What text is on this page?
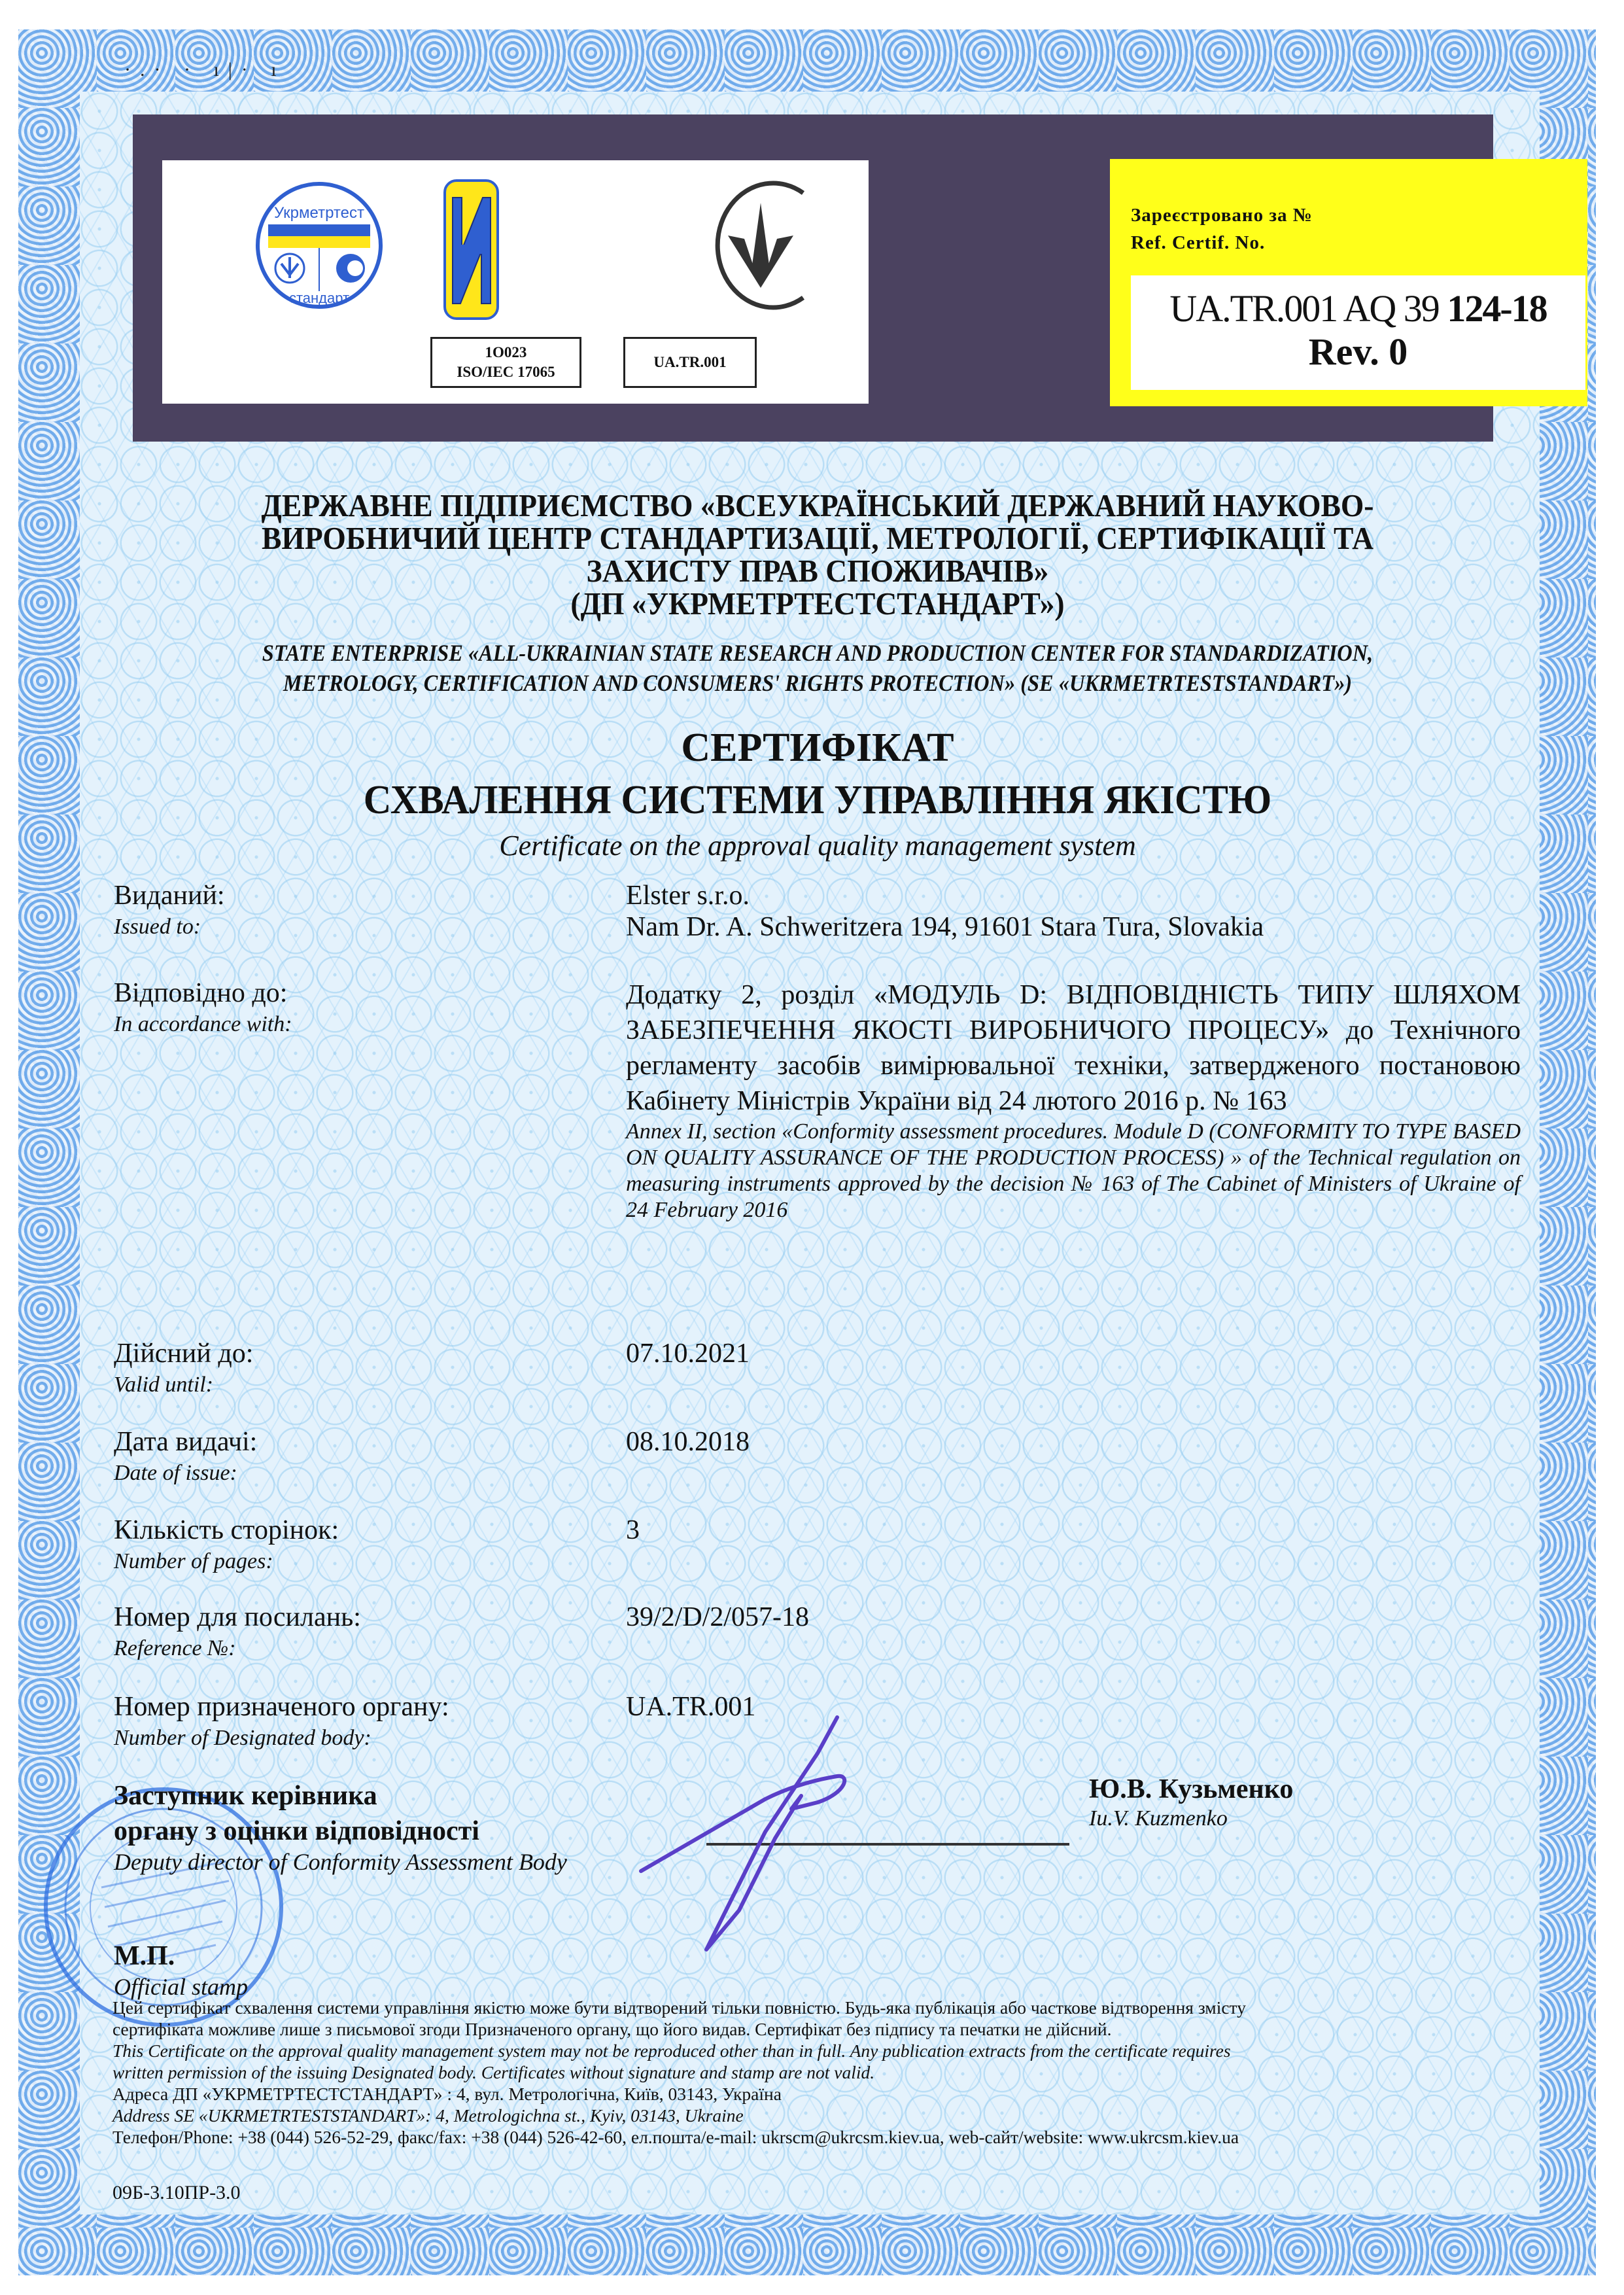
·.· · ı|· ı
Укрметртест
стандарт
1O023
ISO/IEC 17065
UA.TR.001
Зареєстровано за №
Ref. Certif. No.
UA.TR.001 AQ 39 124-18
Rev. 0
ДЕРЖАВНЕ ПІДПРИЄМСТВО «ВСЕУКРАЇНСЬКИЙ ДЕРЖАВНИЙ НАУКОВО-
ВИРОБНИЧИЙ ЦЕНТР СТАНДАРТИЗАЦІЇ, МЕТРОЛОГІЇ, СЕРТИФІКАЦІЇ ТА
ЗАХИСТУ ПРАВ СПОЖИВАЧІВ»
(ДП «УКРМЕТРТЕСТСТАНДАРТ»)
STATE ENTERPRISE «ALL-UKRAINIAN STATE RESEARCH AND PRODUCTION CENTER FOR STANDARDIZATION,
METROLOGY, CERTIFICATION AND CONSUMERS' RIGHTS PROTECTION» (SE «UKRMETRTESTSTANDART»)
СЕРТИФІКАТ
СХВАЛЕННЯ СИСТЕМИ УПРАВЛІННЯ ЯКІСТЮ
Certificate on the approval quality management system
Виданий:
Issued to:
Elster s.r.o.
Nam Dr. A. Schweritzera 194, 91601 Stara Tura, Slovakia
Відповідно до:
In accordance with:
Додатку 2, розділ «МОДУЛЬ D: ВІДПОВІДНІСТЬ ТИПУ ШЛЯХОМ ЗАБЕЗПЕЧЕННЯ ЯКОСТІ ВИРОБНИЧОГО ПРОЦЕСУ» до Технічного регламенту засобів вимірювальної техніки, затвердженого постановою Кабінету Міністрів України від 24 лютого 2016 р. № 163
Annex II, section «Conformity assessment procedures. Module D (CONFORMITY TO TYPE BASED ON QUALITY ASSURANCE OF THE PRODUCTION PROCESS) » of the Technical regulation on measuring instruments approved by the decision № 163 of The Cabinet of Ministers of Ukraine of 24 February 2016
Дійсний до:
Valid until:
07.10.2021
Дата видачі:
Date of issue:
08.10.2018
Кількість сторінок:
Number of pages:
3
Номер для посилань:
Reference №:
39/2/D/2/057-18
Номер призначеного органу:
Number of Designated body:
UA.TR.001
Заступник керівника
органу з оцінки відповідності
Deputy director of Conformity Assessment Body
М.П.
Official stamp
Ю.В. Кузьменко
Iu.V. Kuzmenko
Цей сертифікат схвалення системи управління якістю може бути відтворений тільки повністю. Будь-яка публікація або часткове відтворення змісту
сертифіката можливе лише з письмової згоди Призначеного органу, що його видав. Сертифікат без підпису та печатки не дійсний.
This Certificate on the approval quality management system may not be reproduced other than in full. Any publication extracts from the certificate requires
written permission of the issuing Designated body. Certificates without signature and stamp are not valid.
Адреса ДП «УКРМЕТРТЕСТСТАНДАРТ» : 4, вул. Метрологічна, Київ, 03143, Україна
Address SE «UKRMETRTESTSTANDART»: 4, Metrologichna st., Kyiv, 03143, Ukraine
Телефон/Phone: +38 (044) 526-52-29, факс/fax: +38 (044) 526-42-60, ел.пошта/e-mail: ukrscm@ukrcsm.kiev.ua, web-сайт/website: www.ukrcsm.kiev.ua
09Б-3.10ПР-3.0
